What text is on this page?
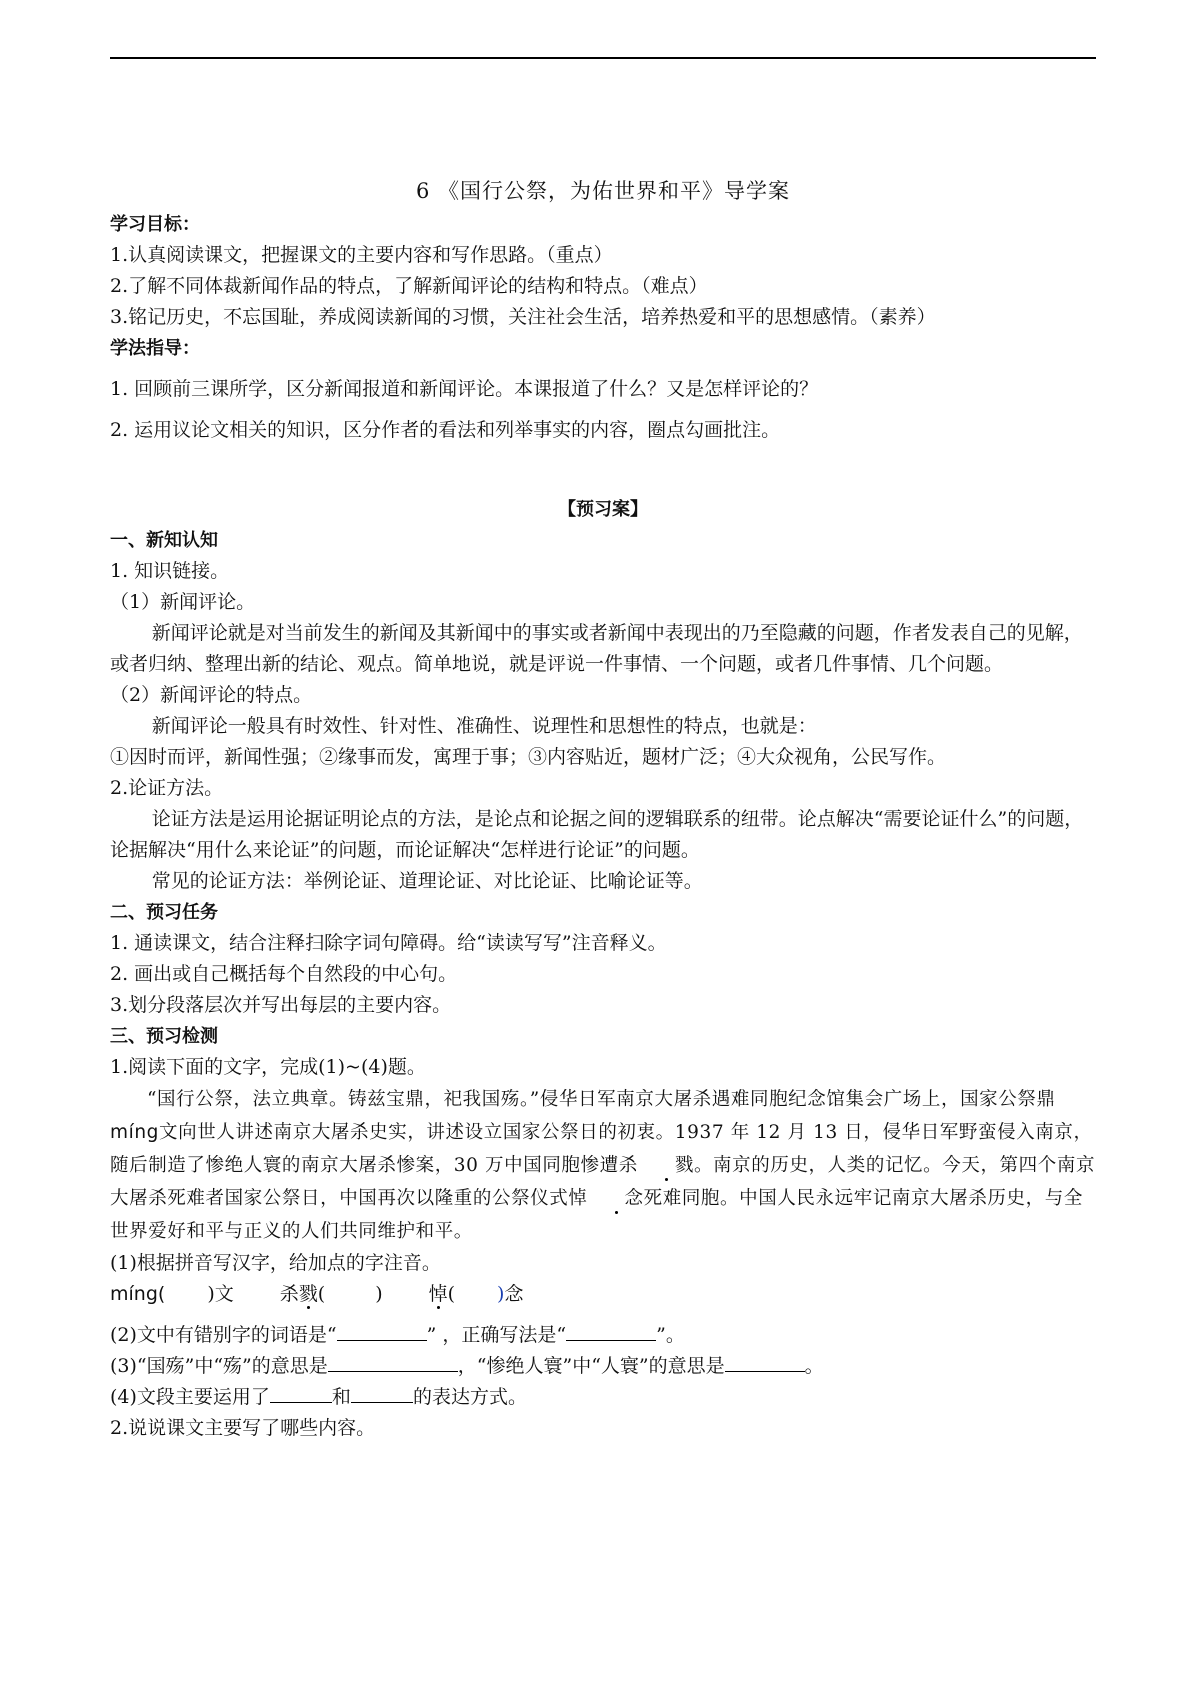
6 《国行公祭，为佑世界和平》导学案
学习目标：

1.认真阅读课文，把握课文的主要内容和写作思路。（重点）

2.了解不同体裁新闻作品的特点，了解新闻评论的结构和特点。（难点）

3.铭记历史，不忘国耻，养成阅读新闻的习惯，关注社会生活，培养热爱和平的思想感情。（素养）

学法指导：

1. 回顾前三课所学，区分新闻报道和新闻评论。本课报道了什么？又是怎样评论的？

2. 运用议论文相关的知识，区分作者的看法和列举事实的内容，圈点勾画批注。

【预习案】
一、新知认知

1. 知识链接。

（1）新闻评论。

新闻评论就是对当前发生的新闻及其新闻中的事实或者新闻中表现出的乃至隐藏的问题，作者发表自己的见解，或者归纳、整理出新的结论、观点。简单地说，就是评说一件事情、一个问题，或者几件事情、几个问题。

（2）新闻评论的特点。

新闻评论一般具有时效性、针对性、准确性、说理性和思想性的特点，也就是：

①因时而评，新闻性强；②缘事而发，寓理于事；③内容贴近，题材广泛；④大众视角，公民写作。

2.论证方法。

论证方法是运用论据证明论点的方法，是论点和论据之间的逻辑联系的纽带。论点解决“需要论证什么”的问题，论据解决“用什么来论证”的问题，而论证解决“怎样进行论证”的问题。

常见的论证方法：举例论证、道理论证、对比论证、比喻论证等。

二、预习任务

1. 通读课文，结合注释扫除字词句障碍。给“读读写写”注音释义。

2. 画出或自己概括每个自然段的中心句。

3.划分段落层次并写出每层的主要内容。

三、预习检测

1.阅读下面的文字，完成(1)~(4)题。

“国行公祭，法立典章。铸兹宝鼎，祀我国殇。”侵华日军南京大屠杀遇难同胞纪念馆集会广场上，国家公祭鼎míng文向世人讲述南京大屠杀史实，讲述设立国家公祭日的初衷。1937 年 12 月 13 日，侵华日军野蛮侵入南京，随后制造了惨绝人寰的南京大屠杀惨案，30 万中国同胞惨遭杀 戮。南京的历史，人类的记忆。今天，第四个南京大屠杀死难者国家公祭日，中国再次以隆重的公祭仪式悼 念死难同胞。中国人民永远牢记南京大屠杀历史，与全世界爱好和平与正义的人们共同维护和平。

(1)根据拼音写汉字，给加点的字注音。

míng( )文 杀戮(	) 悼( )念

(2)文中有错别字的词语是“	” ，正确写法是“	”。

(3)“国殇”中“殇”的意思是	，“惨绝人寰”中“人寰”的意思是	。

(4)文段主要运用了	和	的表达方式。

2.说说课文主要写了哪些内容。
